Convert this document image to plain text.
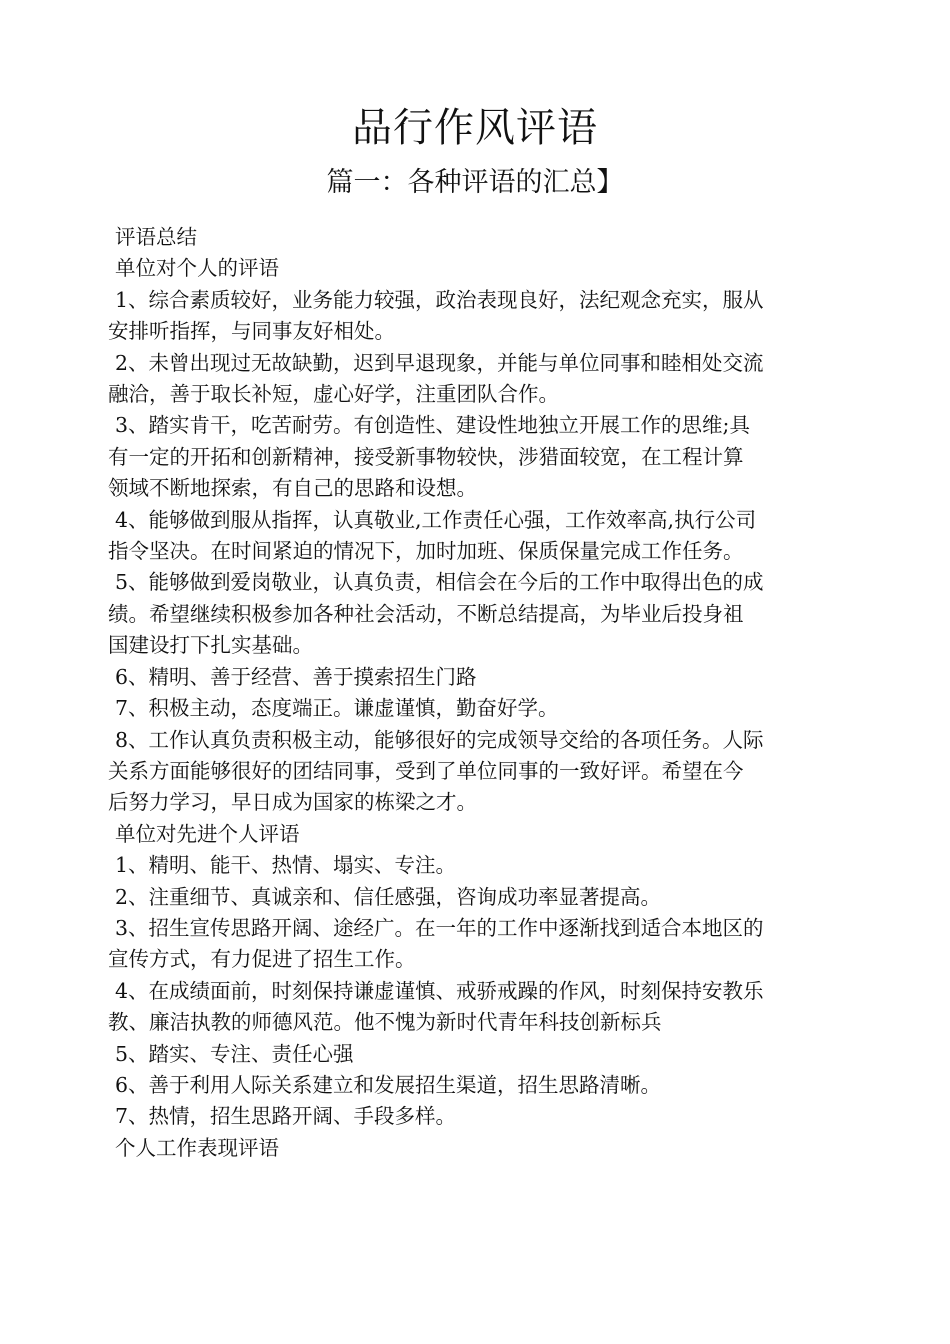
品行作风评语
篇一：各种评语的汇总】
评语总结
单位对个人的评语
1、综合素质较好，业务能力较强，政治表现良好，法纪观念充实，服从
安排听指挥，与同事友好相处。
2、未曾出现过无故缺勤，迟到早退现象，并能与单位同事和睦相处交流
融洽，善于取长补短，虚心好学，注重团队合作。
3、踏实肯干，吃苦耐劳。有创造性、建设性地独立开展工作的思维;具
有一定的开拓和创新精神，接受新事物较快，涉猎面较宽，在工程计算
领域不断地探索，有自己的思路和设想。
4、能够做到服从指挥，认真敬业,工作责任心强，工作效率高,执行公司
指令坚决。在时间紧迫的情况下，加时加班、保质保量完成工作任务。
5、能够做到爱岗敬业，认真负责，相信会在今后的工作中取得出色的成
绩。希望继续积极参加各种社会活动，不断总结提高，为毕业后投身祖
国建设打下扎实基础。
6、精明、善于经营、善于摸索招生门路
7、积极主动，态度端正。谦虚谨慎，勤奋好学。
8、工作认真负责积极主动，能够很好的完成领导交给的各项任务。人际
关系方面能够很好的团结同事，受到了单位同事的一致好评。希望在今
后努力学习，早日成为国家的栋梁之才。
单位对先进个人评语
1、精明、能干、热情、塌实、专注。
2、注重细节、真诚亲和、信任感强，咨询成功率显著提高。
3、招生宣传思路开阔、途经广。在一年的工作中逐渐找到适合本地区的
宣传方式，有力促进了招生工作。
4、在成绩面前，时刻保持谦虚谨慎、戒骄戒躁的作风，时刻保持安教乐
教、廉洁执教的师德风范。他不愧为新时代青年科技创新标兵
5、踏实、专注、责任心强
6、善于利用人际关系建立和发展招生渠道，招生思路清晰。
7、热情，招生思路开阔、手段多样。
个人工作表现评语
